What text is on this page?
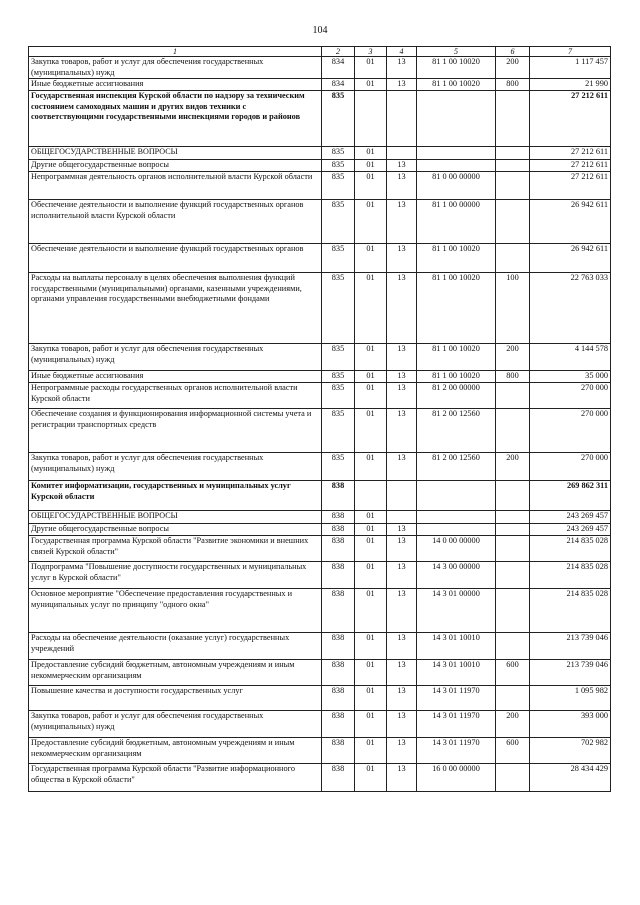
104
1	2	3	4	5	6	7
Закупка товаров, работ и услуг для обеспечения государственных (муниципальных) нужд	834	01	13	81 1 00 10020	200	1 117 457
Иные бюджетные ассигнования	834	01	13	81 1 00 10020	800	21 990
Государственная инспекция Курской области по надзору за техническим состоянием самоходных машин и других видов техники с соответствующими государственными инспекциями городов и районов	835					27 212 611
ОБЩЕГОСУДАРСТВЕННЫЕ ВОПРОСЫ	835	01				27 212 611
Другие общегосударственные вопросы	835	01	13			27 212 611
Непрограммная деятельность органов исполнительной власти Курской области	835	01	13	81 0 00 00000		27 212 611
Обеспечение деятельности и выполнение функций государственных органов исполнительной власти Курской области	835	01	13	81 1 00 00000		26 942 611
Обеспечение деятельности и выполнение функций государственных органов	835	01	13	81 1 00 10020		26 942 611
Расходы на выплаты персоналу в целях обеспечения выполнения функций государственными (муниципальными) органами, казенными учреждениями, органами управления государственными внебюджетными фондами	835	01	13	81 1 00 10020	100	22 763 033
Закупка товаров, работ и услуг для обеспечения государственных (муниципальных) нужд	835	01	13	81 1 00 10020	200	4 144 578
Иные бюджетные ассигнования	835	01	13	81 1 00 10020	800	35 000
Непрограммные расходы государственных органов исполнительной власти Курской области	835	01	13	81 2 00 00000		270 000
Обеспечение создания и функционирования информационной системы учета и регистрации транспортных средств	835	01	13	81 2 00 12560		270 000
Закупка товаров, работ и услуг для обеспечения государственных (муниципальных) нужд	835	01	13	81 2 00 12560	200	270 000
Комитет информатизации, государственных и муниципальных услуг Курской области	838					269 862 311
ОБЩЕГОСУДАРСТВЕННЫЕ ВОПРОСЫ	838	01				243 269 457
Другие общегосударственные вопросы	838	01	13			243 269 457
Государственная программа Курской области "Развитие экономики и внешних связей Курской области"	838	01	13	14 0 00 00000		214 835 028
Подпрограмма "Повышение доступности государственных и муниципальных услуг в Курской области"	838	01	13	14 3 00 00000		214 835 028
Основное мероприятие "Обеспечение предоставления государственных и муниципальных услуг по принципу "одного окна"	838	01	13	14 3 01 00000		214 835 028
Расходы на обеспечение деятельности (оказание услуг) государственных учреждений	838	01	13	14 3 01 10010		213 739 046
Предоставление субсидий бюджетным, автономным учреждениям и иным некоммерческим организациям	838	01	13	14 3 01 10010	600	213 739 046
Повышение качества и доступности государственных услуг	838	01	13	14 3 01 11970		1 095 982
Закупка товаров, работ и услуг для обеспечения государственных (муниципальных) нужд	838	01	13	14 3 01 11970	200	393 000
Предоставление субсидий бюджетным, автономным учреждениям и иным некоммерческим организациям	838	01	13	14 3 01 11970	600	702 982
Государственная программа Курской области "Развитие информационного общества в Курской области"	838	01	13	16 0 00 00000		28 434 429
